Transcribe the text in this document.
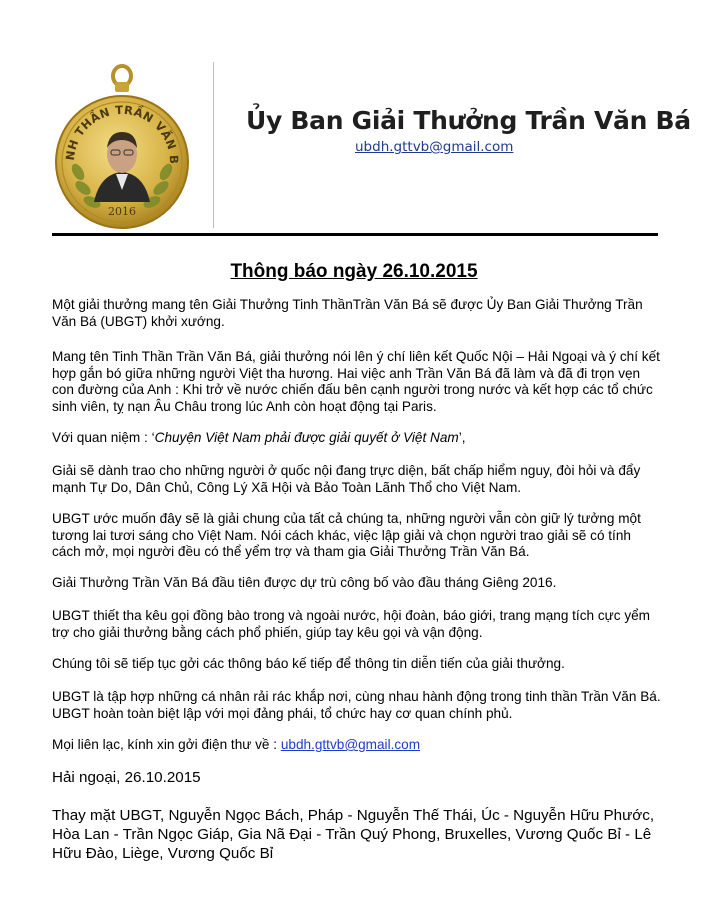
NH THẦN TRẦN VĂN B
2016
Ủy Ban Giải Thưởng Trần Văn Bá
ubdh.gttvb@gmail.com
Thông báo ngày 26.10.2015

Một giải thưởng mang tên Giải Thưởng Tinh ThầnTrần Văn Bá sẽ được Ủy Ban Giải Thưởng Trần Văn Bá (UBGT) khởi xướng.

Mang tên Tinh Thần Trần Văn Bá, giải thưởng nói lên ý chí liên kết Quốc Nội – Hải Ngoại và ý chí kết hợp gắn bó giữa những người Việt tha hương. Hai việc anh Trần Văn Bá đã làm và đã đi trọn vẹn con đường của Anh : Khi trở về nước chiến đấu bên cạnh người trong nước và kết hợp các tổ chức sinh viên, tỵ nạn Âu Châu trong lúc Anh còn hoạt động tại Paris.

Với quan niệm : ‘Chuyện Việt Nam phải được giải quyết ở Việt Nam’,

Giải sẽ dành trao cho những người ở quốc nội đang trực diện, bất chấp hiểm nguy, đòi hỏi và đẩy mạnh Tự Do, Dân Chủ, Công Lý Xã Hội và Bảo Toàn Lãnh Thổ cho Việt Nam.

UBGT ước muốn đây sẽ là giải chung của tất cả chúng ta, những người vẫn còn giữ lý tưởng một tương lai tươi sáng cho Việt Nam. Nói cách khác, việc lập giải và chọn người trao giải sẽ có tính cách mở, mọi người đều có thể yểm trợ và tham gia Giải Thưởng Trần Văn Bá.

Giải Thưởng Trần Văn Bá đầu tiên được dự trù công bố vào đầu tháng Giêng 2016.

UBGT thiết tha kêu gọi đồng bào trong và ngoài nước, hội đoàn, báo giới, trang mạng tích cực yểm trợ cho giải thưởng bằng cách phổ phiến, giúp tay kêu gọi và vận động.

Chúng tôi sẽ tiếp tục gởi các thông báo kế tiếp để thông tin diễn tiến của giải thưởng.

UBGT là tập hợp những cá nhân rải rác khắp nơi, cùng nhau hành động trong tinh thần Trần Văn Bá. UBGT hoàn toàn biệt lập với mọi đảng phái, tổ chức hay cơ quan chính phủ.

Mọi liên lạc, kính xin gởi điện thư về : ubdh.gttvb@gmail.com

Hải ngoại, 26.10.2015

Thay mặt UBGT, Nguyễn Ngọc Bách, Pháp - Nguyễn Thế Thái, Úc - Nguyễn Hữu Phước, Hòa Lan - Trần Ngọc Giáp, Gia Nã Đại - Trần Quý Phong, Bruxelles, Vương Quốc Bỉ - Lê Hữu Đào, Liège, Vương Quốc Bỉ
